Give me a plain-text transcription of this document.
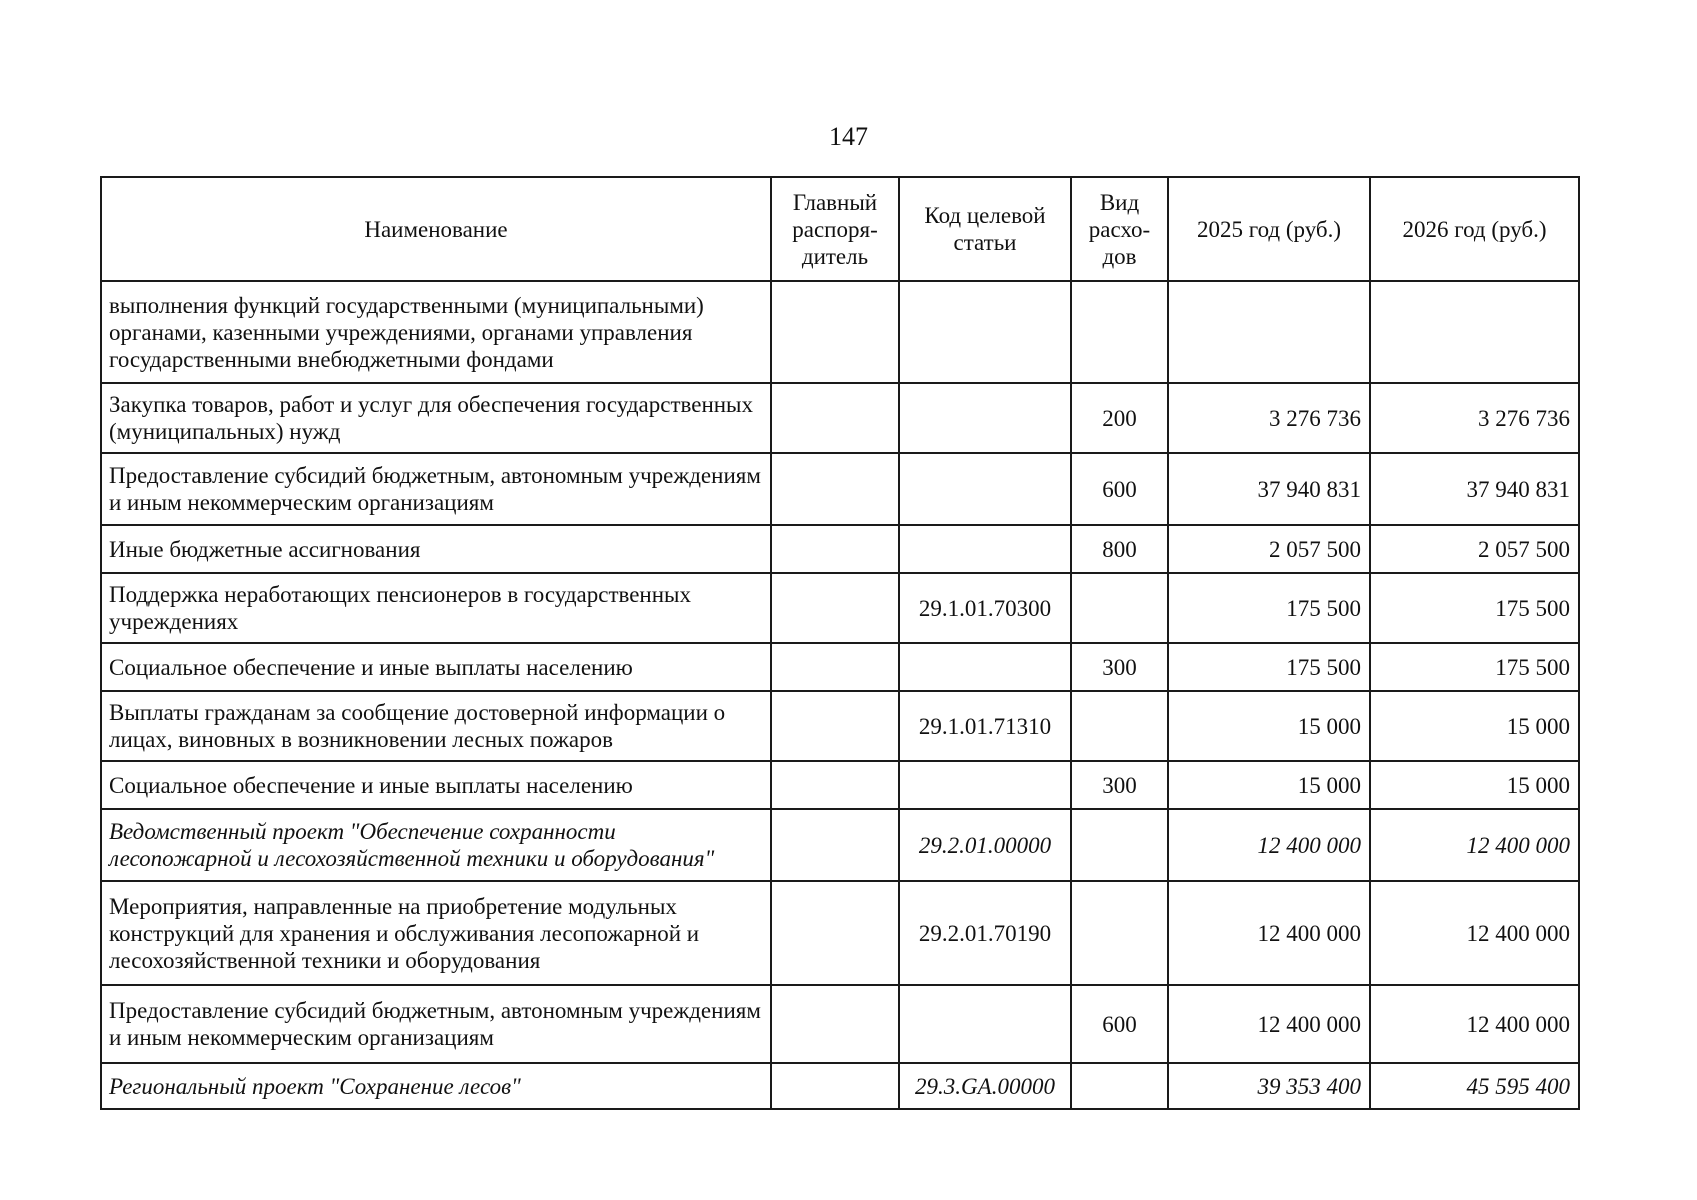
147
Наименование	Главный распоря-дитель	Код целевой статьи	Вид расхо-дов	2025 год (руб.)	2026 год (руб.)
выполнения функций государственными (муниципальными) органами, казенными учреждениями, органами управления государственными внебюджетными фондами					
Закупка товаров, работ и услуг для обеспечения государственных (муниципальных) нужд			200	3 276 736	3 276 736
Предоставление субсидий бюджетным, автономным учреждениям и иным некоммерческим организациям			600	37 940 831	37 940 831
Иные бюджетные ассигнования			800	2 057 500	2 057 500
Поддержка неработающих пенсионеров в государственных учреждениях		29.1.01.70300		175 500	175 500
Социальное обеспечение и иные выплаты населению			300	175 500	175 500
Выплаты гражданам за сообщение достоверной информации о лицах, виновных в возникновении лесных пожаров		29.1.01.71310		15 000	15 000
Социальное обеспечение и иные выплаты населению			300	15 000	15 000
Ведомственный проект "Обеспечение сохранности лесопожарной и лесохозяйственной техники и оборудования"		29.2.01.00000		12 400 000	12 400 000
Мероприятия, направленные на приобретение модульных конструкций для хранения и обслуживания лесопожарной и лесохозяйственной техники и оборудования		29.2.01.70190		12 400 000	12 400 000
Предоставление субсидий бюджетным, автономным учреждениям и иным некоммерческим организациям			600	12 400 000	12 400 000
Региональный проект "Сохранение лесов"		29.3.GA.00000		39 353 400	45 595 400
